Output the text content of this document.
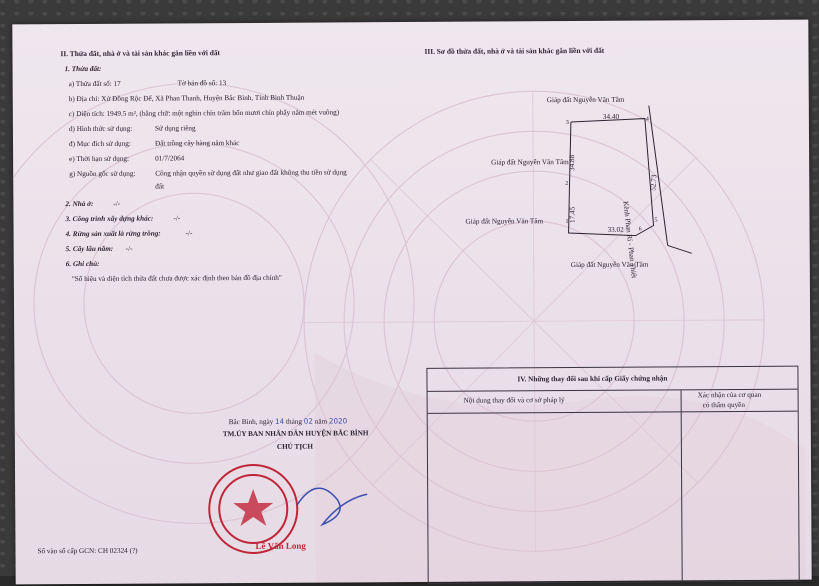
II. Thửa đất, nhà ở và tài sản khác gắn liền với đất
1. Thửa đất:
a) Thửa đất số: 17	Tờ bản đồ số: 13
b) Địa chỉ: Xứ Đồng Rộc Đế, Xã Phan Thanh, Huyện Bắc Bình, Tỉnh Bình Thuận
c) Diện tích: 1949.5 m², (bằng chữ: một nghìn chín trăm bốn mươi chín phẩy năm mét vuông)
d) Hình thức sử dụng:	Sử dụng riêng
đ) Mục đích sử dụng:	Đất trồng cây hàng năm khác
e) Thời hạn sử dụng:	01/7/2064
g) Nguồn gốc sử dụng:	Công nhận quyền sử dụng đất như giao đất không thu tiền sử dụng
đất
2. Nhà ở:	-/-
3. Công trình xây dựng khác:	-/-
4. Rừng sản xuất là rừng trồng:	-/-
5. Cây lâu năm: -/-
6. Ghi chú:
"Số hiệu và diện tích thửa đất chưa được xác định theo bản đồ địa chính"
III. Sơ đồ thửa đất, nhà ở và tài sản khác gắn liền với đất
Giáp đất Nguyễn Văn Tâm
Giáp đất Nguyễn Văn Tâm
Giáp đất Nguyễn Văn Tâm
Giáp đất Nguyễn Văn Tâm
Kênh Phan Rí - Phan Thiết
34.40
34.88
17.45
52.73
33.02
1
2
3
4
5
6
IV. Những thay đổi sau khi cấp Giấy chứng nhận
Nội dung thay đổi và cơ sở pháp lý
Xác nhận của cơ quan
có thẩm quyền
Bắc Bình, ngày 14 tháng 02 năm 2020
TM.ỦY BAN NHÂN DÂN HUYỆN BẮC BÌNH
CHỦ TỊCH
Lê Văn Long
Số vào sổ cấp GCN: CH 02324 (?)
